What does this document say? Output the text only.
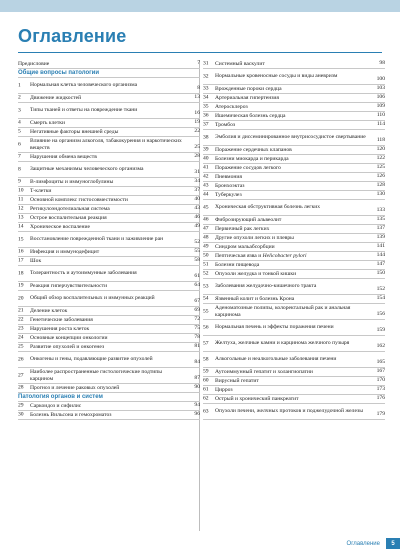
Оглавление
Предисловие	7
Общие вопросы патологии
1	Нормальная клетка человеческого организма
8
2	Движение жидкостей	13
3	Типы тканей и ответы на повреждение ткани
16
4	Смерть клетки	19
5	Негативные факторы внешней среды	22
6
Влияние на организм алкоголя, табакокурения и наркотических веществ	25
7	Нарушения обмена веществ	28
8	Защитные механизмы человеческого организма
31
9	В-лимфоциты и иммуноглобулины	34
10	Т-клетки	37
11	Основной комплекс гистосовместимости	40
12	Ретикулоэндотелиальная система	43
13	Острое воспалительная реакция	46
14	Хроническое воспаление	49
15	Восстановление поврежденной ткани и заживление ран
52
16	Инфекция и иммунодефицит	55
17	Шок	58
18	Толерантность и аутоиммунные заболевания
61
19	Реакция гиперчувствительности	64
20	Общий обзор воспалительных и иммунных реакций
67
21	Деление клеток	69
22	Генетические заболевания	72
23	Нарушения роста клеток	75
24	Основные концепции онкологии	78
25	Развитие опухолей и онкогенез	81
26	Онкогены и гены, подавляющие развитие опухолей
84
27
Наиболее распространенные гистологические подтипы карцином	87
28	Прогноз и лечение раковых опухолей	90
Патология органов и систем
29	Саркоидоз и сифилис	94
30	Болезнь Вильсона и гемохроматоз	96
31	Системный васкулит	98
32	Нормальные кровеносные сосуды и виды аневризм
100
33	Врожденные пороки сердца	103
34	Артериальная гипертензия	106
35	Атеросклероз	109
36	Ишемическая болезнь сердца	110
37	Тромбоз	114
38	Эмболия и диссеминированное внутрисосудистое свертывание
118
39	Поражение сердечных клапанов	120
40	Болезни миокарда и перикарда	122
41	Поражение сосудов легкого	125
42	Пневмония	126
43	Бронхоэктаз	128
44	Туберкулез	130
45	Хроническая обструктивная болезнь легких
133
46	Фиброзирующий альвеолит	135
47	Первичный рак легких	137
48	Другие опухоли легких и плевры	139
49	Синдром мальабсорбции	141
50	Пептическая язва и Helicobacter pylori	144
51	Болезни пищевода	147
52	Опухоли желудка и тонкой кишки	150
53	Заболевания желудочно-кишечного тракта
152
54	Язвенный колит и болезнь Крона	154
55
Аденоматозные полипы, колоректальный рак и анальная карцинома	156
56	Нормальная печень и эффекты поражения печени
159
57	Желтуха, желчные камни и карцинома желчного пузыря
162
58	Алкогольные и неалкогольные заболевания печени
165
59	Аутоиммунный гепатит и холангиопатии	167
60	Вирусный гепатит	170
61	Цирроз	173
62	Острый и хронический панкреатит	176
63	Опухоли печени, желчных протоков и поджелудочной железы
179
Оглавление	5
